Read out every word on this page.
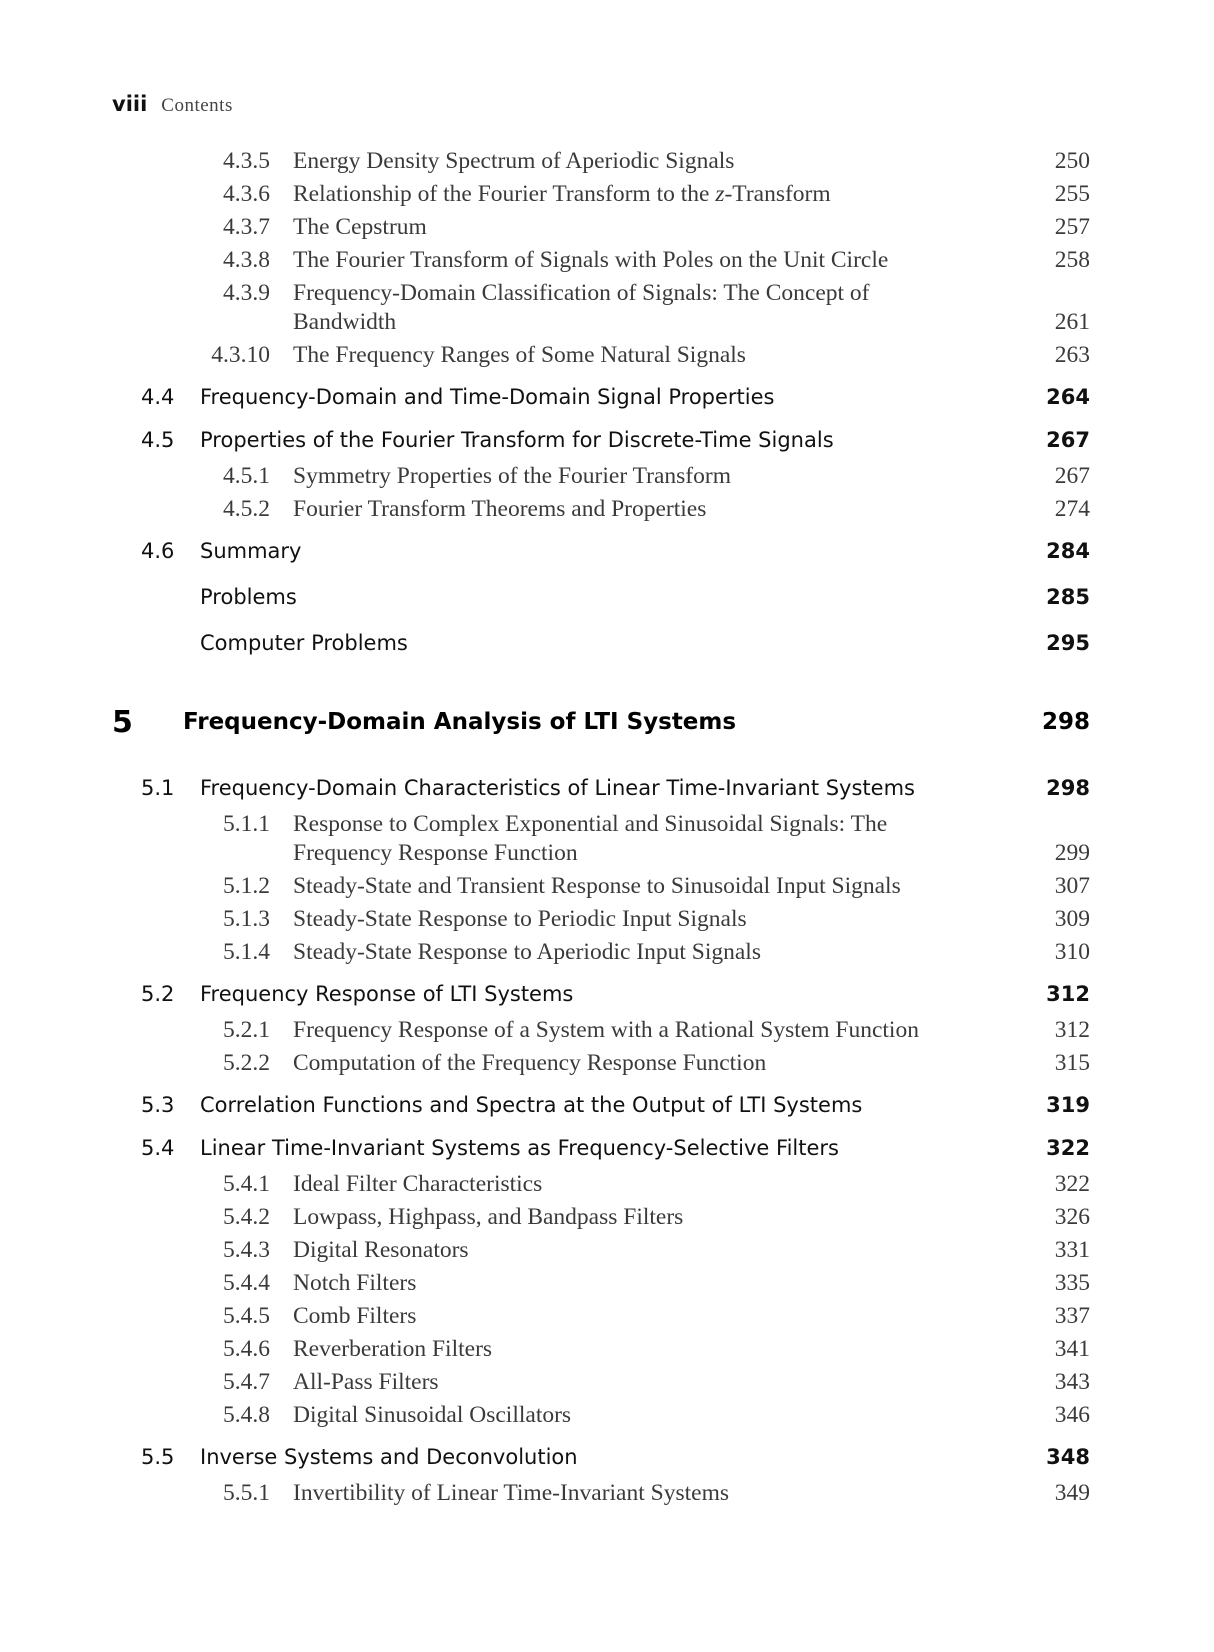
viii Contents
4.3.5 Energy Density Spectrum of Aperiodic Signals	250
4.3.6 Relationship of the Fourier Transform to the z-Transform	255
4.3.7 The Cepstrum	257
4.3.8 The Fourier Transform of Signals with Poles on the Unit Circle	258
4.3.9 Frequency-Domain Classification of Signals: The Concept of
Bandwidth	261
4.3.10 The Frequency Ranges of Some Natural Signals	263
4.4 Frequency-Domain and Time-Domain Signal Properties	264
4.5 Properties of the Fourier Transform for Discrete-Time Signals	267
4.5.1 Symmetry Properties of the Fourier Transform	267
4.5.2 Fourier Transform Theorems and Properties	274
4.6 Summary	284
Problems	285
Computer Problems	295
5 Frequency-Domain Analysis of LTI Systems	298
5.1 Frequency-Domain Characteristics of Linear Time-Invariant Systems	298
5.1.1 Response to Complex Exponential and Sinusoidal Signals: The
Frequency Response Function	299
5.1.2 Steady-State and Transient Response to Sinusoidal Input Signals	307
5.1.3 Steady-State Response to Periodic Input Signals	309
5.1.4 Steady-State Response to Aperiodic Input Signals	310
5.2 Frequency Response of LTI Systems	312
5.2.1 Frequency Response of a System with a Rational System Function	312
5.2.2 Computation of the Frequency Response Function	315
5.3 Correlation Functions and Spectra at the Output of LTI Systems	319
5.4 Linear Time-Invariant Systems as Frequency-Selective Filters	322
5.4.1 Ideal Filter Characteristics	322
5.4.2 Lowpass, Highpass, and Bandpass Filters	326
5.4.3 Digital Resonators	331
5.4.4 Notch Filters	335
5.4.5 Comb Filters	337
5.4.6 Reverberation Filters	341
5.4.7 All-Pass Filters	343
5.4.8 Digital Sinusoidal Oscillators	346
5.5 Inverse Systems and Deconvolution	348
5.5.1 Invertibility of Linear Time-Invariant Systems	349
